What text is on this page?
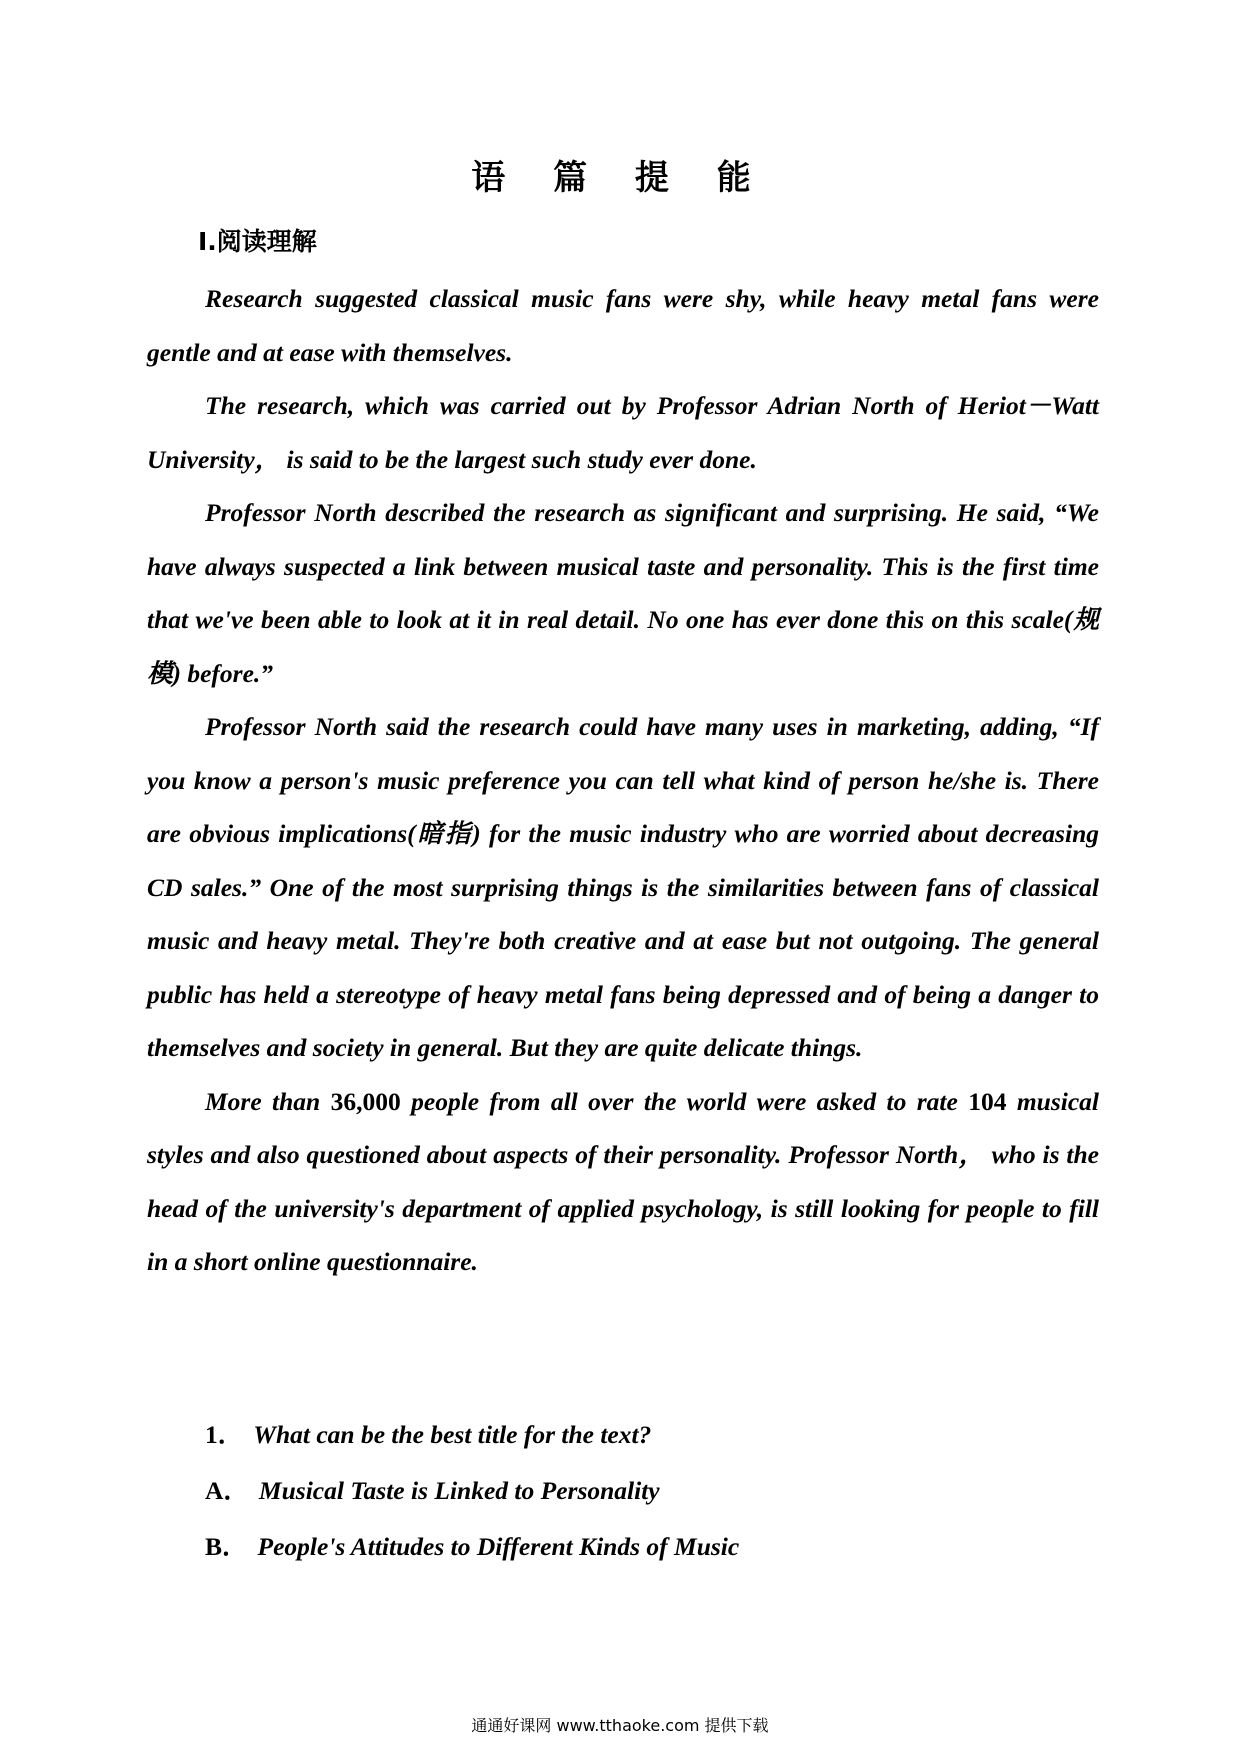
语 篇 提 能
Ⅰ.阅读理解

Research suggested classical music fans were shy, while heavy metal fans were gentle and at ease with themselves.

The research, which was carried out by Professor Adrian North of Heriot－Watt University， is said to be the largest such study ever done.

Professor North described the research as significant and surprising. He said, “We have always suspected a link between musical taste and personality. This is the first time that we've been able to look at it in real detail. No one has ever done this on this scale(规模) before.”

Professor North said the research could have many uses in marketing, adding, “If you know a person's music preference you can tell what kind of person he/she is. There are obvious implications(暗指) for the music industry who are worried about decreasing CD sales.” One of the most surprising things is the similarities between fans of classical music and heavy metal. They're both creative and at ease but not outgoing. The general public has held a stereotype of heavy metal fans being depressed and of being a danger to themselves and society in general. But they are quite delicate things.

More than 36,000 people from all over the world were asked to rate 104 musical styles and also questioned about aspects of their personality. Professor North， who is the head of the university's department of applied psychology, is still looking for people to fill in a short online questionnaire.

1． What can be the best title for the text?

A． Musical Taste is Linked to Personality

B． People's Attitudes to Different Kinds of Music

通通好课网 www.tthaoke.com 提供下载
